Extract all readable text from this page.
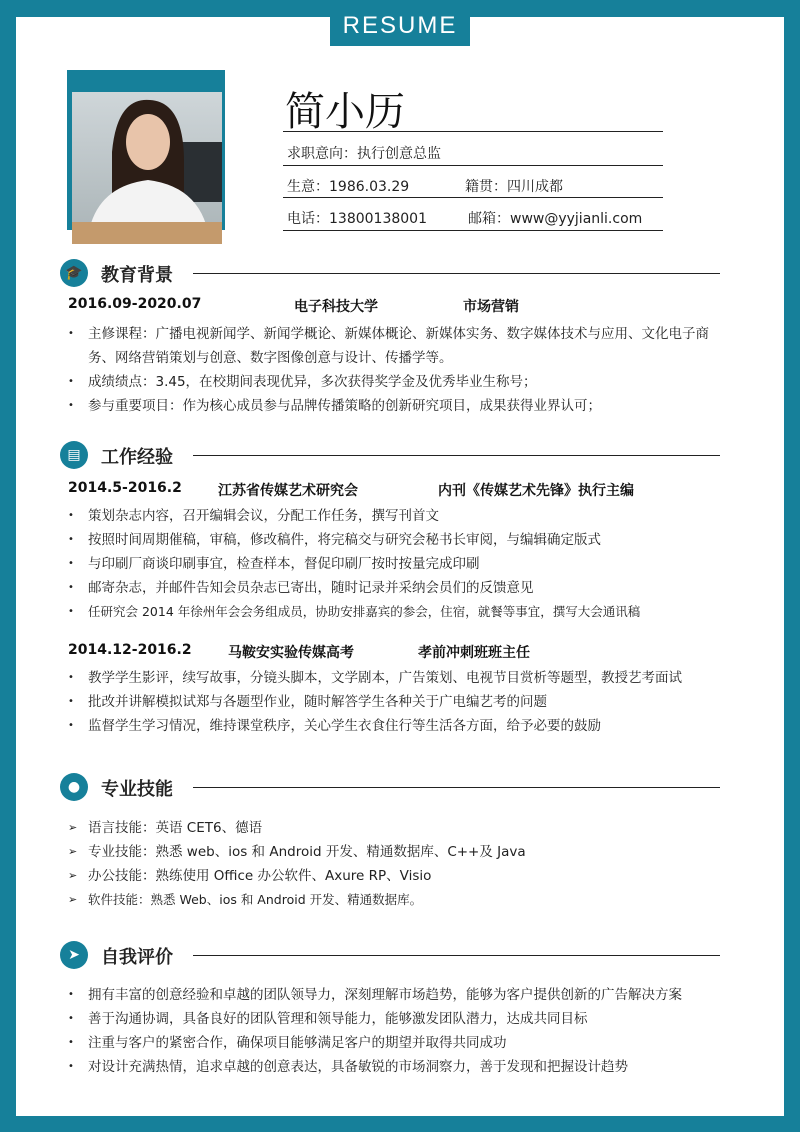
RESUME
简小历
求职意向：执行创意总监
生意：1986.03.29	籍贯：四川成都
电话：13800138001	邮箱：www@yyjianli.com
🎓 教育背景
2016.09-2020.07	电子科技大学	市场营销
• 主修课程：广播电视新闻学、新闻学概论、新媒体概论、新媒体实务、数字媒体技术与应用、文化电子商务、网络营销策划与创意、数字图像创意与设计、传播学等。
• 成绩绩点：3.45，在校期间表现优异，多次获得奖学金及优秀毕业生称号；
• 参与重要项目：作为核心成员参与品牌传播策略的创新研究项目，成果获得业界认可；
▤	工作经验
2014.5-2016.2	江苏省传媒艺术研究会	内刊《传媒艺术先锋》执行主编
• 策划杂志内容，召开编辑会议，分配工作任务，撰写刊首文
• 按照时间周期催稿，审稿，修改稿件，将完稿交与研究会秘书长审阅，与编辑确定版式
• 与印刷厂商谈印刷事宜，检查样本，督促印刷厂按时按量完成印刷
• 邮寄杂志，并邮件告知会员杂志已寄出，随时记录并采纳会员们的反馈意见
• 任研究会 2014 年徐州年会会务组成员，协助安排嘉宾的参会，住宿，就餐等事宜，撰写大会通讯稿
2014.12-2016.2	马鞍安实验传媒高考	孝前冲刺班班主任
• 教学学生影评，续写故事，分镜头脚本，文学剧本，广告策划、电视节目赏析等题型，教授艺考面试
• 批改并讲解模拟试郑与各题型作业，随时解答学生各种关于广电编艺考的问题
• 监督学生学习情况，维持课堂秩序，关心学生衣食住行等生活各方面，给予必要的鼓励
●	专业技能
➢ 语言技能：英语 CET6、德语
➢ 专业技能：熟悉 web、ios 和 Android 开发、精通数据库、C++及 Java
➢ 办公技能：熟练使用 Office 办公软件、Axure RP、Visio
➢ 软件技能：熟悉 Web、ios 和 Android 开发、精通数据库。
➤	自我评价
• 拥有丰富的创意经验和卓越的团队领导力，深刻理解市场趋势，能够为客户提供创新的广告解决方案
• 善于沟通协调，具备良好的团队管理和领导能力，能够激发团队潜力，达成共同目标
• 注重与客户的紧密合作，确保项目能够满足客户的期望并取得共同成功
• 对设计充满热情，追求卓越的创意表达，具备敏锐的市场洞察力，善于发现和把握设计趋势
